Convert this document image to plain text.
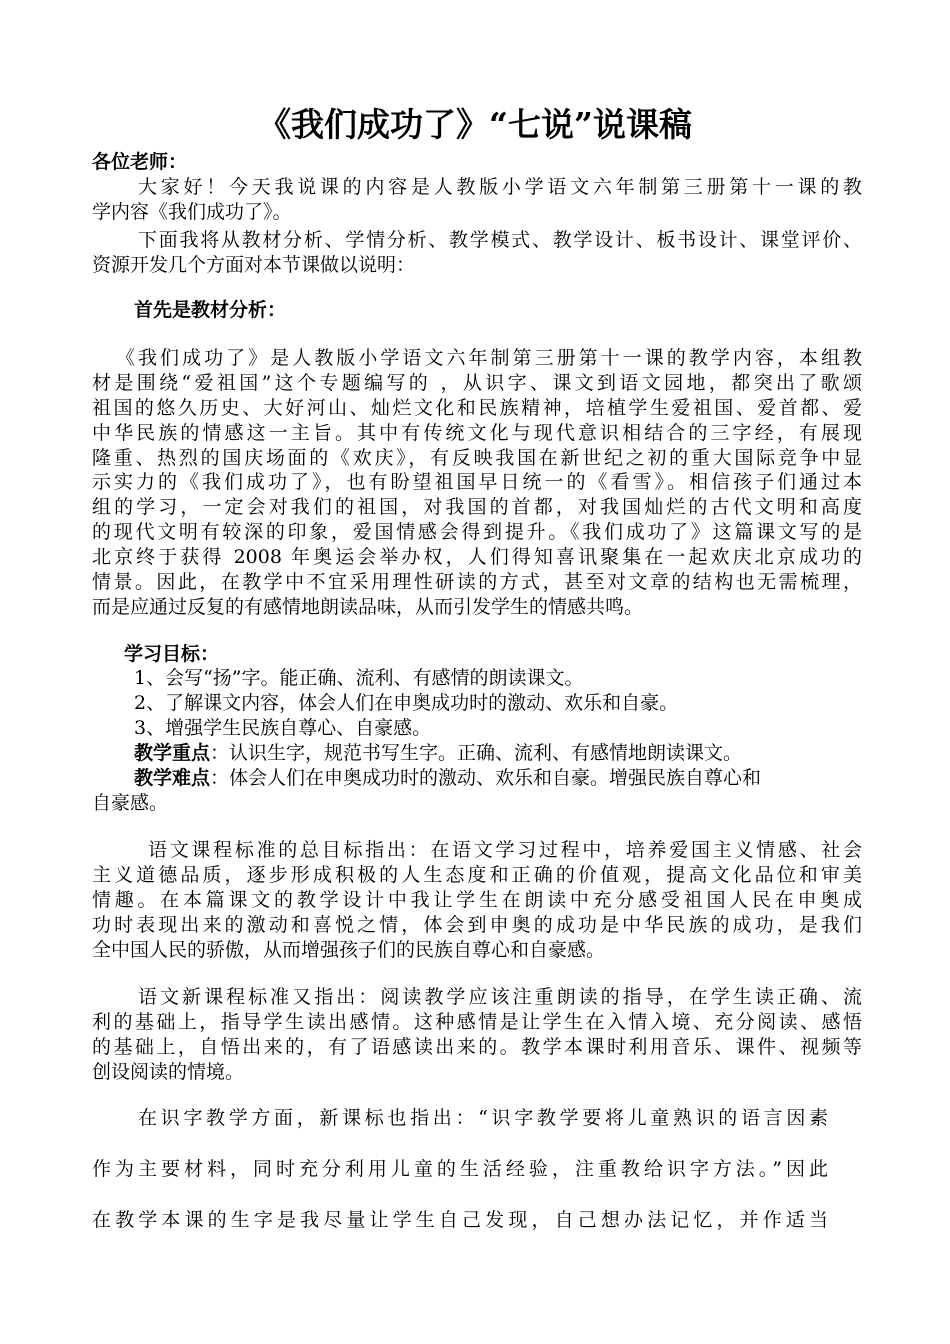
《我们成功了》“七说”说课稿
各位老师：
大家好！今天我说课的内容是人教版小学语文六年制第三册第十一课的教
学内容《我们成功了》。
下面我将从教材分析、学情分析、教学模式、教学设计、板书设计、课堂评价、
资源开发几个方面对本节课做以说明：
首先是教材分析：
《我们成功了》是人教版小学语文六年制第三册第十一课的教学内容，本组教
材是围绕“爱祖国”这个专题编写的 ，从识字、课文到语文园地，都突出了歌颂
祖国的悠久历史、大好河山、灿烂文化和民族精神，培植学生爱祖国、爱首都、爱
中华民族的情感这一主旨。其中有传统文化与现代意识相结合的三字经，有展现
隆重、热烈的国庆场面的《欢庆》，有反映我国在新世纪之初的重大国际竞争中显
示实力的《我们成功了》，也有盼望祖国早日统一的《看雪》。相信孩子们通过本
组的学习，一定会对我们的祖国，对我国的首都，对我国灿烂的古代文明和高度
的现代文明有较深的印象，爱国情感会得到提升。《我们成功了》这篇课文写的是
北京终于获得 2008 年奥运会举办权，人们得知喜讯聚集在一起欢庆北京成功的
情景。因此，在教学中不宜采用理性研读的方式，甚至对文章的结构也无需梳理，
而是应通过反复的有感情地朗读品味，从而引发学生的情感共鸣。
学习目标：
1、会写“扬”字。能正确、流利、有感情的朗读课文。
2、了解课文内容，体会人们在申奥成功时的激动、欢乐和自豪。
3、增强学生民族自尊心、自豪感。
教学重点：认识生字，规范书写生字。正确、流利、有感情地朗读课文。
教学难点：体会人们在申奥成功时的激动、欢乐和自豪。增强民族自尊心和
自豪感。
语文课程标准的总目标指出：在语文学习过程中，培养爱国主义情感、社会
主义道德品质，逐步形成积极的人生态度和正确的价值观，提高文化品位和审美
情趣。在本篇课文的教学设计中我让学生在朗读中充分感受祖国人民在申奥成
功时表现出来的激动和喜悦之情，体会到申奥的成功是中华民族的成功，是我们
全中国人民的骄傲，从而增强孩子们的民族自尊心和自豪感。
语文新课程标准又指出：阅读教学应该注重朗读的指导，在学生读正确、流
利的基础上，指导学生读出感情。这种感情是让学生在入情入境、充分阅读、感悟
的基础上，自悟出来的，有了语感读出来的。教学本课时利用音乐、课件、视频等
创设阅读的情境。
在识字教学方面，新课标也指出：“识字教学要将儿童熟识的语言因素
作为主要材料，同时充分利用儿童的生活经验，注重教给识字方法。”因此
在教学本课的生字是我尽量让学生自己发现，自己想办法记忆，并作适当
